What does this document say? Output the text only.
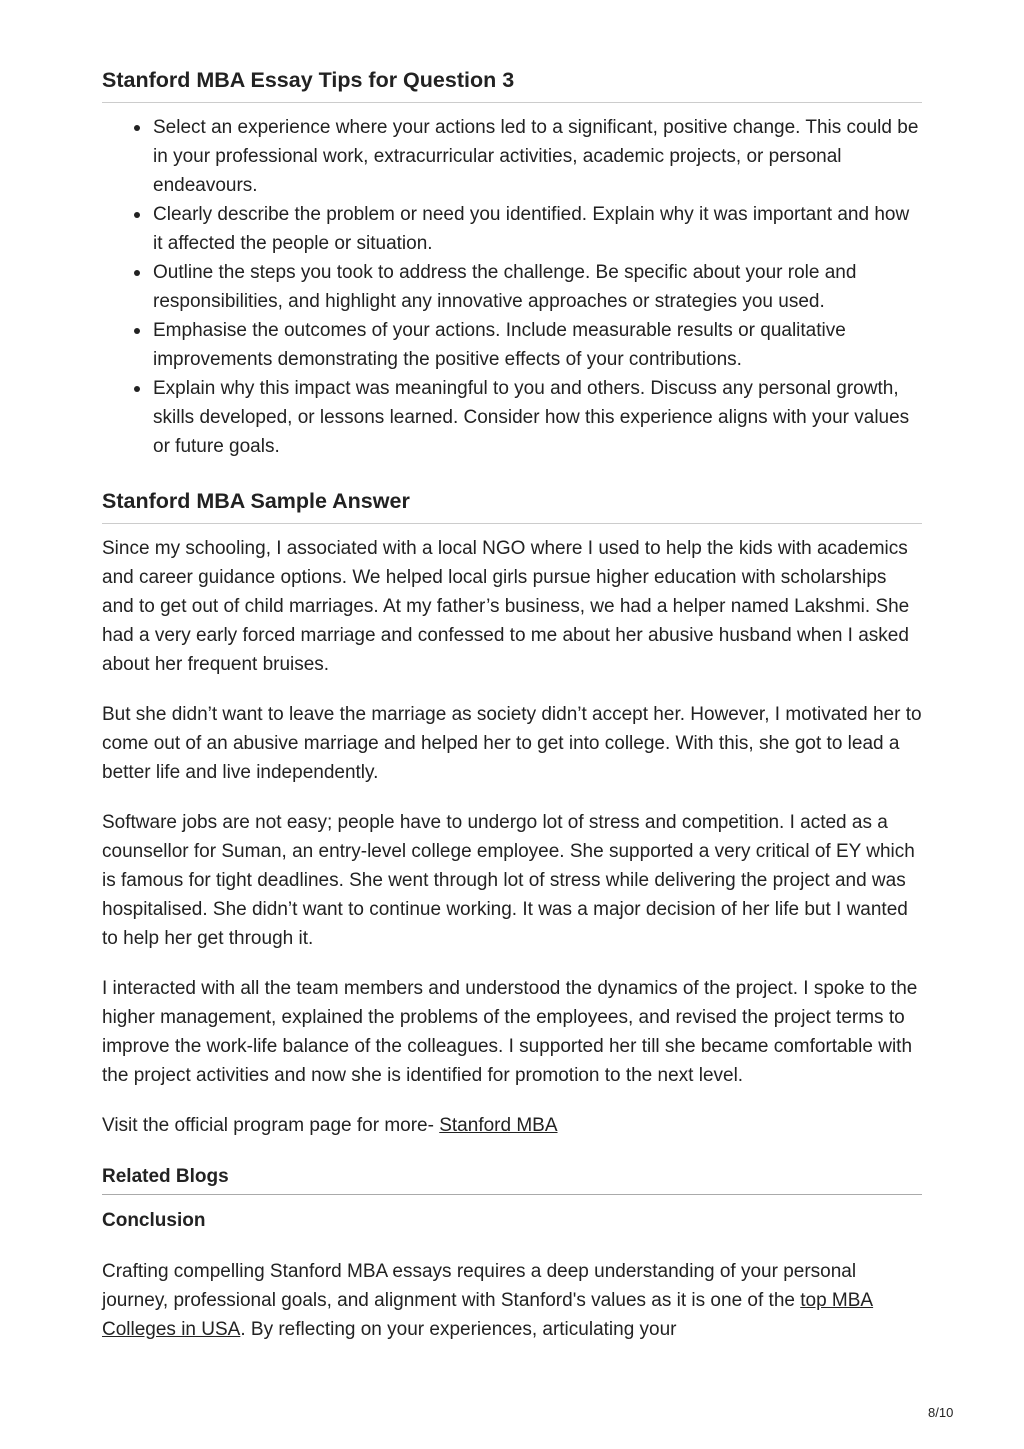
Stanford MBA Essay Tips for Question 3
Select an experience where your actions led to a significant, positive change. This could be in your professional work, extracurricular activities, academic projects, or personal endeavours.
Clearly describe the problem or need you identified. Explain why it was important and how it affected the people or situation.
Outline the steps you took to address the challenge. Be specific about your role and responsibilities, and highlight any innovative approaches or strategies you used.
Emphasise the outcomes of your actions. Include measurable results or qualitative improvements demonstrating the positive effects of your contributions.
Explain why this impact was meaningful to you and others. Discuss any personal growth, skills developed, or lessons learned. Consider how this experience aligns with your values or future goals.
Stanford MBA Sample Answer

Since my schooling, I associated with a local NGO where I used to help the kids with academics and career guidance options. We helped local girls pursue higher education with scholarships and to get out of child marriages. At my father’s business, we had a helper named Lakshmi. She had a very early forced marriage and confessed to me about her abusive husband when I asked about her frequent bruises.

But she didn’t want to leave the marriage as society didn’t accept her. However, I motivated her to come out of an abusive marriage and helped her to get into college. With this, she got to lead a better life and live independently.

Software jobs are not easy; people have to undergo lot of stress and competition. I acted as a counsellor for Suman, an entry-level college employee. She supported a very critical of EY which is famous for tight deadlines. She went through lot of stress while delivering the project and was hospitalised. She didn’t want to continue working. It was a major decision of her life but I wanted to help her get through it.

I interacted with all the team members and understood the dynamics of the project. I spoke to the higher management, explained the problems of the employees, and revised the project terms to improve the work-life balance of the colleagues. I supported her till she became comfortable with the project activities and now she is identified for promotion to the next level.

Visit the official program page for more- Stanford MBA

Related Blogs
Conclusion

Crafting compelling Stanford MBA essays requires a deep understanding of your personal journey, professional goals, and alignment with Stanford's values as it is one of the top MBA Colleges in USA. By reflecting on your experiences, articulating your

8/10
